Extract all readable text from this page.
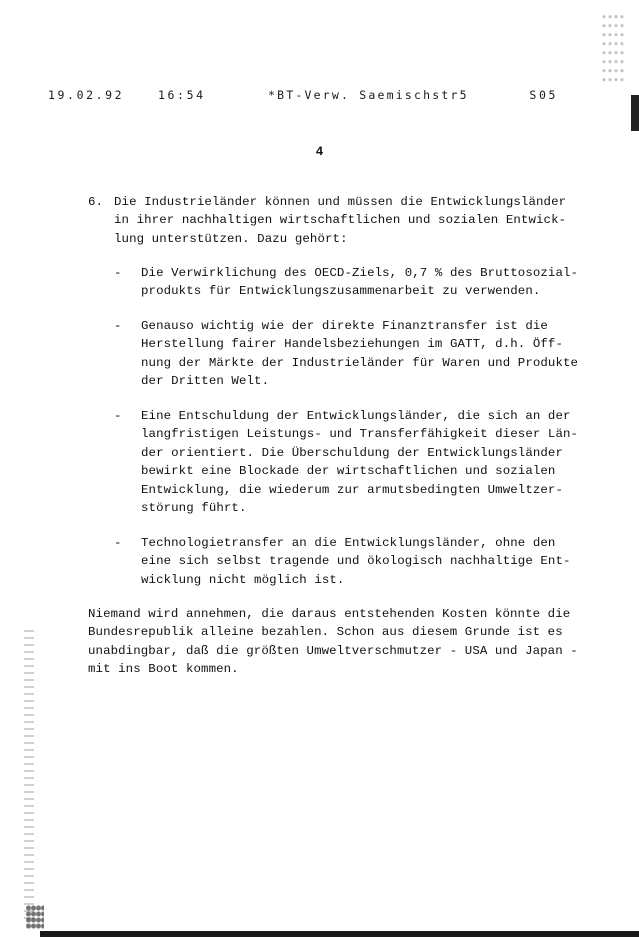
19.02.92	16:54	*BT-Verw. Saemischstr5	S05
4
6. Die Industrieländer können und müssen die Entwicklungsländer
in ihrer nachhaltigen wirtschaftlichen und sozialen Entwick-
lung unterstützen. Dazu gehört:
- Die Verwirklichung des OECD-Ziels, 0,7 % des Bruttosozial-
produkts für Entwicklungszusammenarbeit zu verwenden.
- Genauso wichtig wie der direkte Finanztransfer ist die
Herstellung fairer Handelsbeziehungen im GATT, d.h. Öff-
nung der Märkte der Industrieländer für Waren und Produkte
der Dritten Welt.
- Eine Entschuldung der Entwicklungsländer, die sich an der
langfristigen Leistungs- und Transferfähigkeit dieser Län-
der orientiert. Die Überschuldung der Entwicklungsländer
bewirkt eine Blockade der wirtschaftlichen und sozialen
Entwicklung, die wiederum zur armutsbedingten Umweltzer-
störung führt.
- Technologietransfer an die Entwicklungsländer, ohne den
eine sich selbst tragende und ökologisch nachhaltige Ent-
wicklung nicht möglich ist.
Niemand wird annehmen, die daraus entstehenden Kosten könnte die
Bundesrepublik alleine bezahlen. Schon aus diesem Grunde ist es
unabdingbar, daß die größten Umweltverschmutzer - USA und Japan -
mit ins Boot kommen.
